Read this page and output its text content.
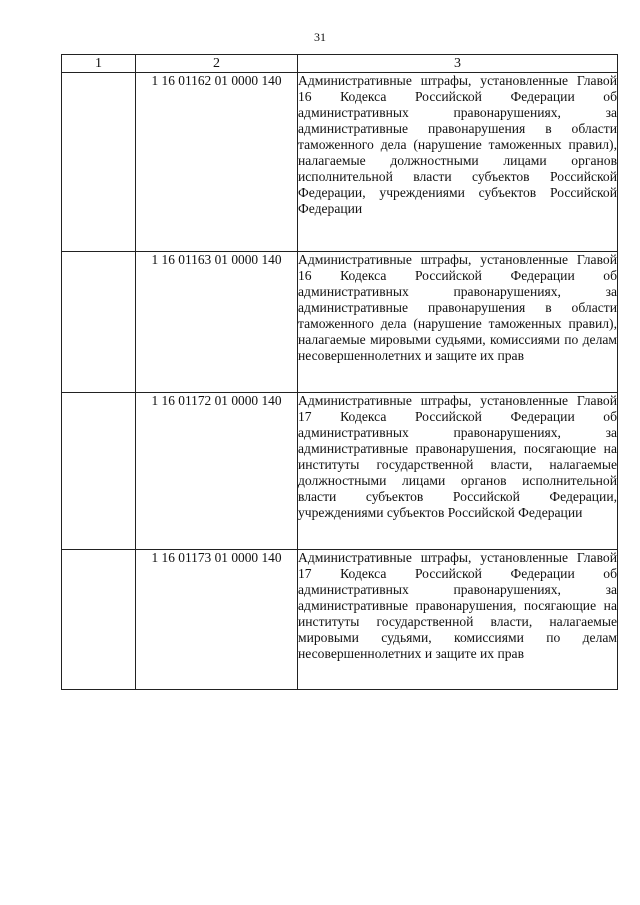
31
1	2	3
	1 16 01162 01 0000 140	Административные штрафы, установленные Главой 16 Кодекса Российской Федерации об административных правонарушениях, за административные правонарушения в области таможенного дела (нарушение таможенных правил), налагаемые должностными лицами органов исполнительной власти субъектов Российской Федерации, учреждениями субъектов Российской Федерации

	1 16 01163 01 0000 140	Административные штрафы, установленные Главой 16 Кодекса Российской Федерации об административных правонарушениях, за административные правонарушения в области таможенного дела (нарушение таможенных правил), налагаемые мировыми судьями, комиссиями по делам несовершеннолетних и защите их прав

	1 16 01172 01 0000 140	Административные штрафы, установленные Главой 17 Кодекса Российской Федерации об административных правонарушениях, за административные правонарушения, посягающие на институты государственной власти, налагаемые должностными лицами органов исполнительной власти субъектов Российской Федерации, учреждениями субъектов Российской Федерации

	1 16 01173 01 0000 140	Административные штрафы, установленные Главой 17 Кодекса Российской Федерации об административных правонарушениях, за административные правонарушения, посягающие на институты государственной власти, налагаемые мировыми судьями, комиссиями по делам несовершеннолетних и защите их прав
